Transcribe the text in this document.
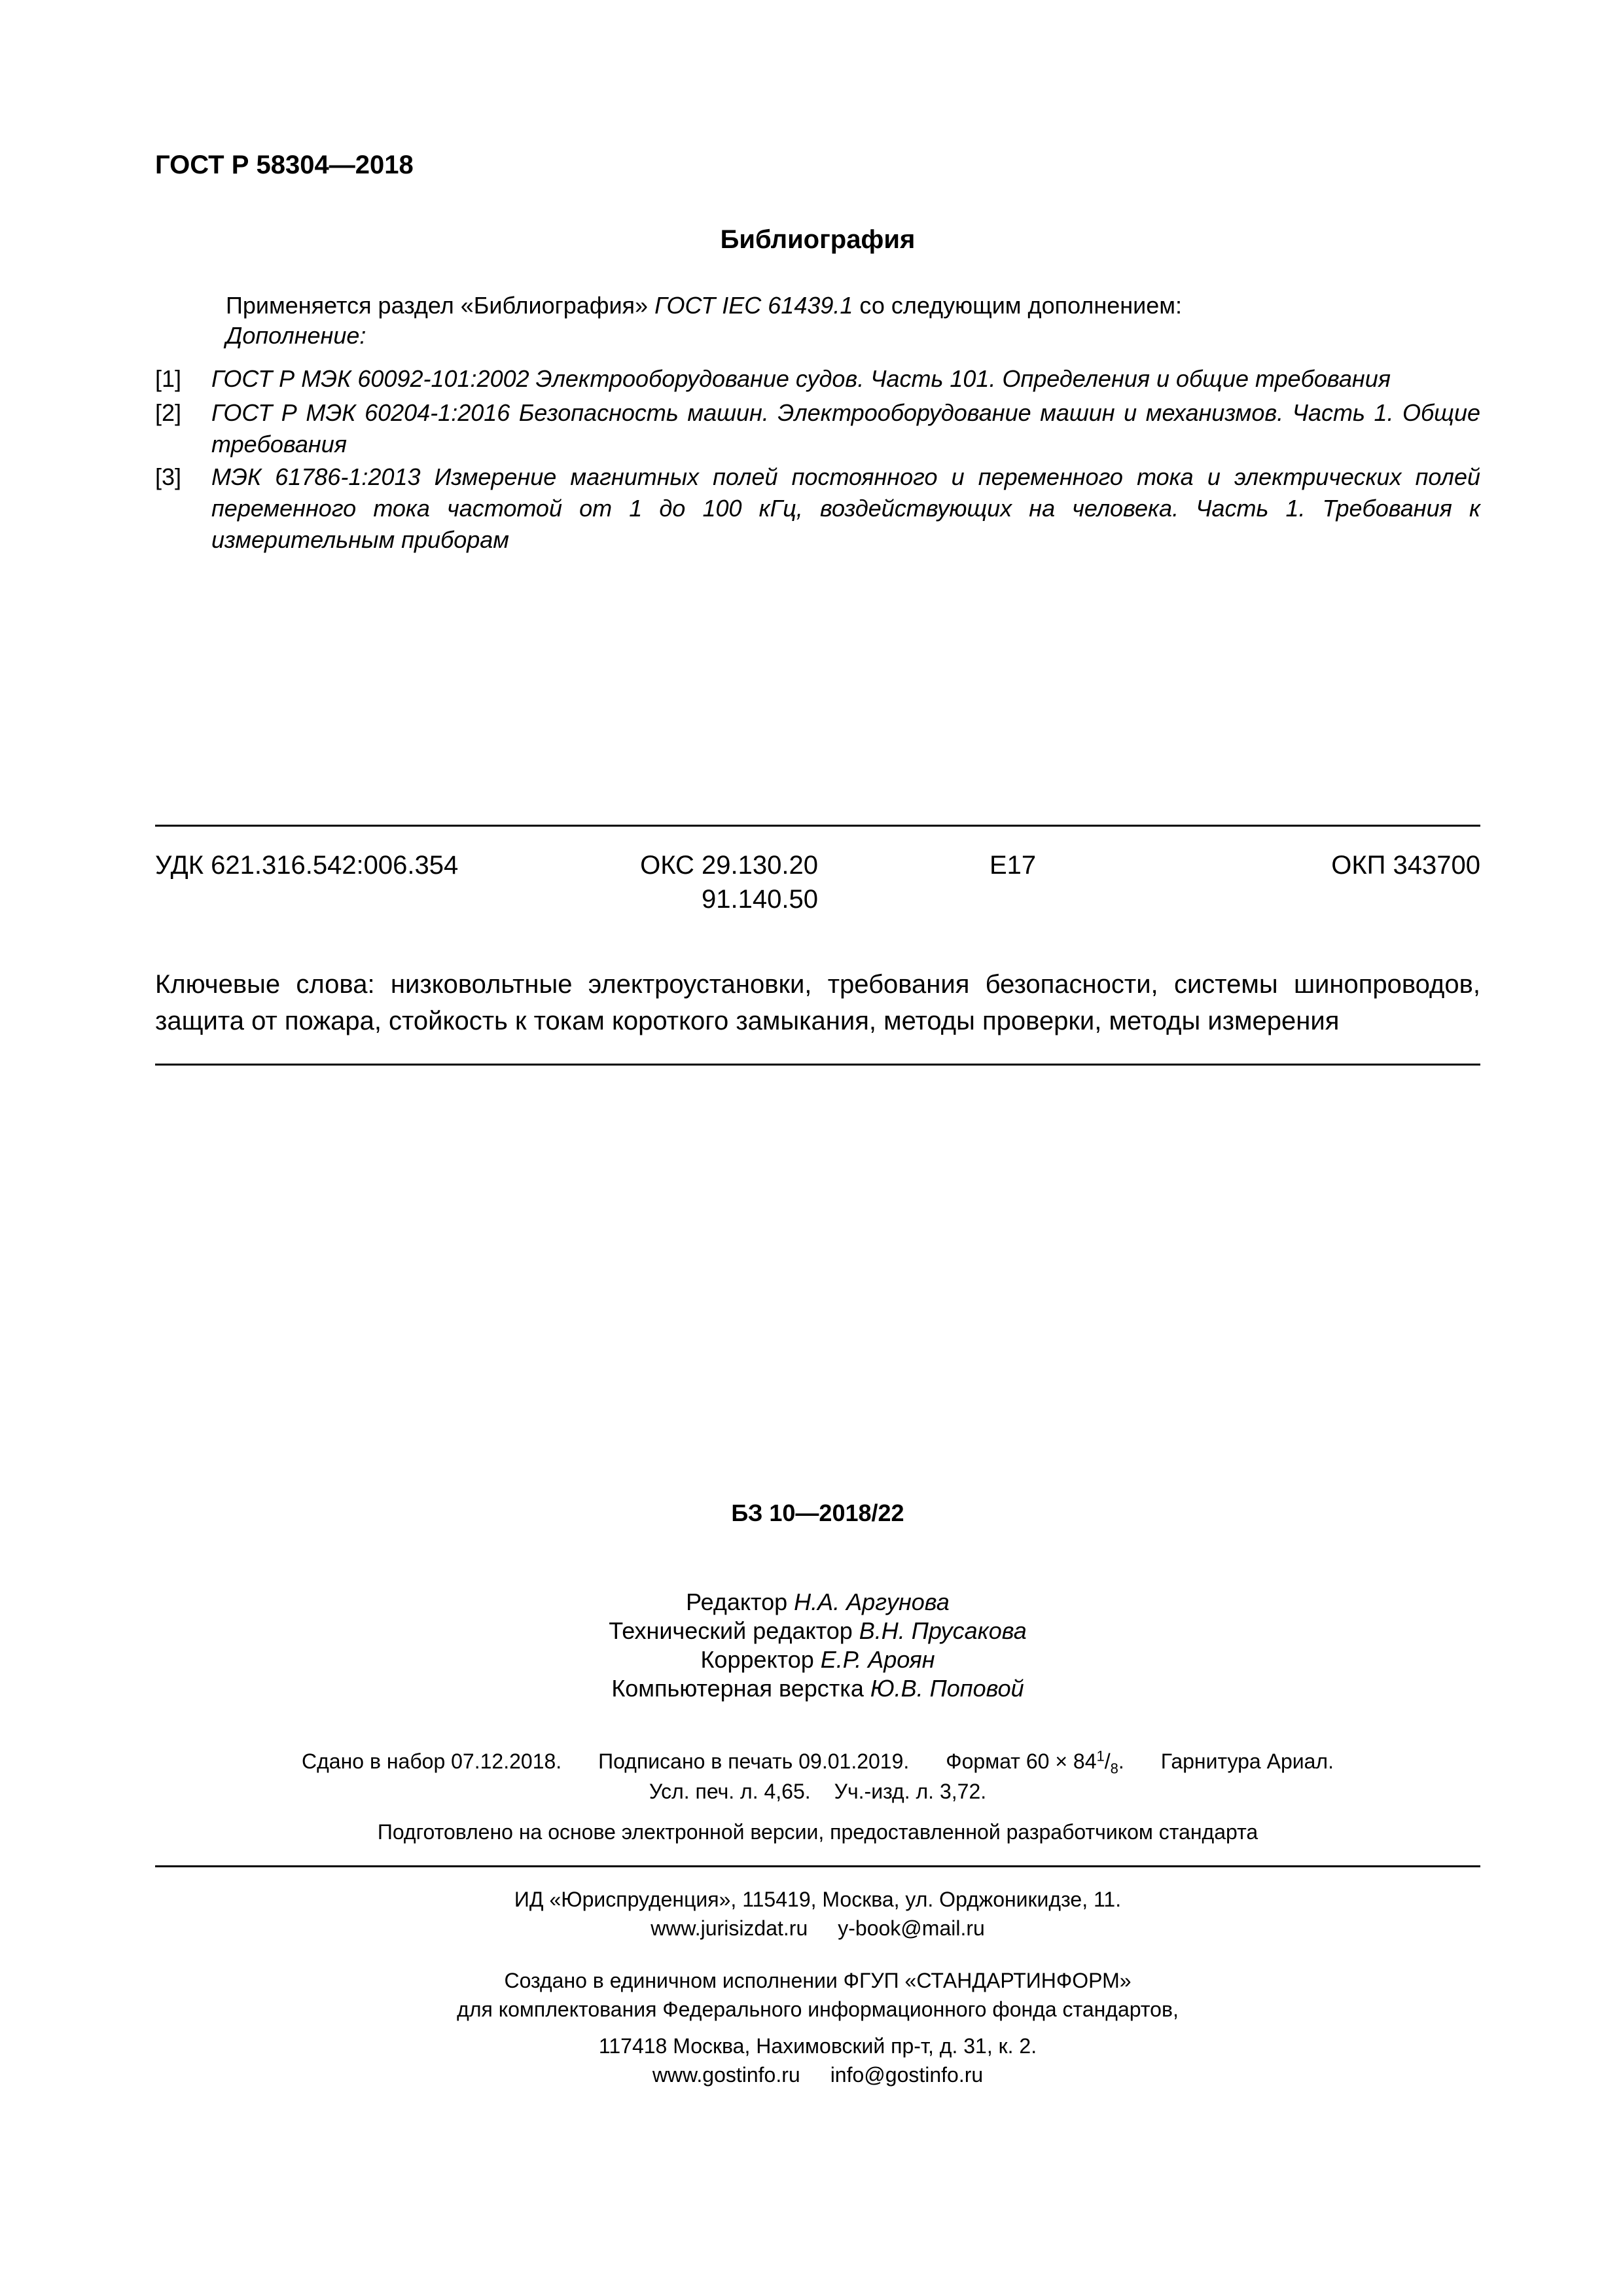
ГОСТ Р 58304—2018
Библиография
Применяется раздел «Библиография» ГОСТ IEC 61439.1 со следующим дополнением:
Дополнение:
[1] ГОСТ Р МЭК 60092-101:2002 Электрооборудование судов. Часть 101. Определения и общие требования
[2] ГОСТ Р МЭК 60204-1:2016 Безопасность машин. Электрооборудование машин и механизмов. Часть 1. Общие требования
[3] МЭК 61786-1:2013 Измерение магнитных полей постоянного и переменного тока и электрических полей переменного тока частотой от 1 до 100 кГц, воздействующих на человека. Часть 1. Требования к измерительным приборам
УДК 621.316.542:006.354	ОКС 29.130.20
91.140.50
Е17	ОКП 343700
Ключевые слова: низковольтные электроустановки, требования безопасности, системы шинопроводов, защита от пожара, стойкость к токам короткого замыкания, методы проверки, методы измерения
БЗ 10—2018/22
Редактор Н.А. Аргунова
Технический редактор В.Н. Прусакова
Корректор Е.Р. Ароян
Компьютерная верстка Ю.В. Поповой
Сдано в набор 07.12.2018. Подписано в печать 09.01.2019. Формат $60 \times 84^1/_8$. Гарнитура Ариал.
Усл. печ. л. 4,65. Уч.-изд. л. 3,72.
Подготовлено на основе электронной версии, предоставленной разработчиком стандарта
ИД «Юриспруденция», 115419, Москва, ул. Орджоникидзе, 11.
www.jurisizdat.ru y-book@mail.ru
Создано в единичном исполнении ФГУП «СТАНДАРТИНФОРМ»
для комплектования Федерального информационного фонда стандартов,
117418 Москва, Нахимовский пр-т, д. 31, к. 2.
www.gostinfo.ru info@gostinfo.ru
